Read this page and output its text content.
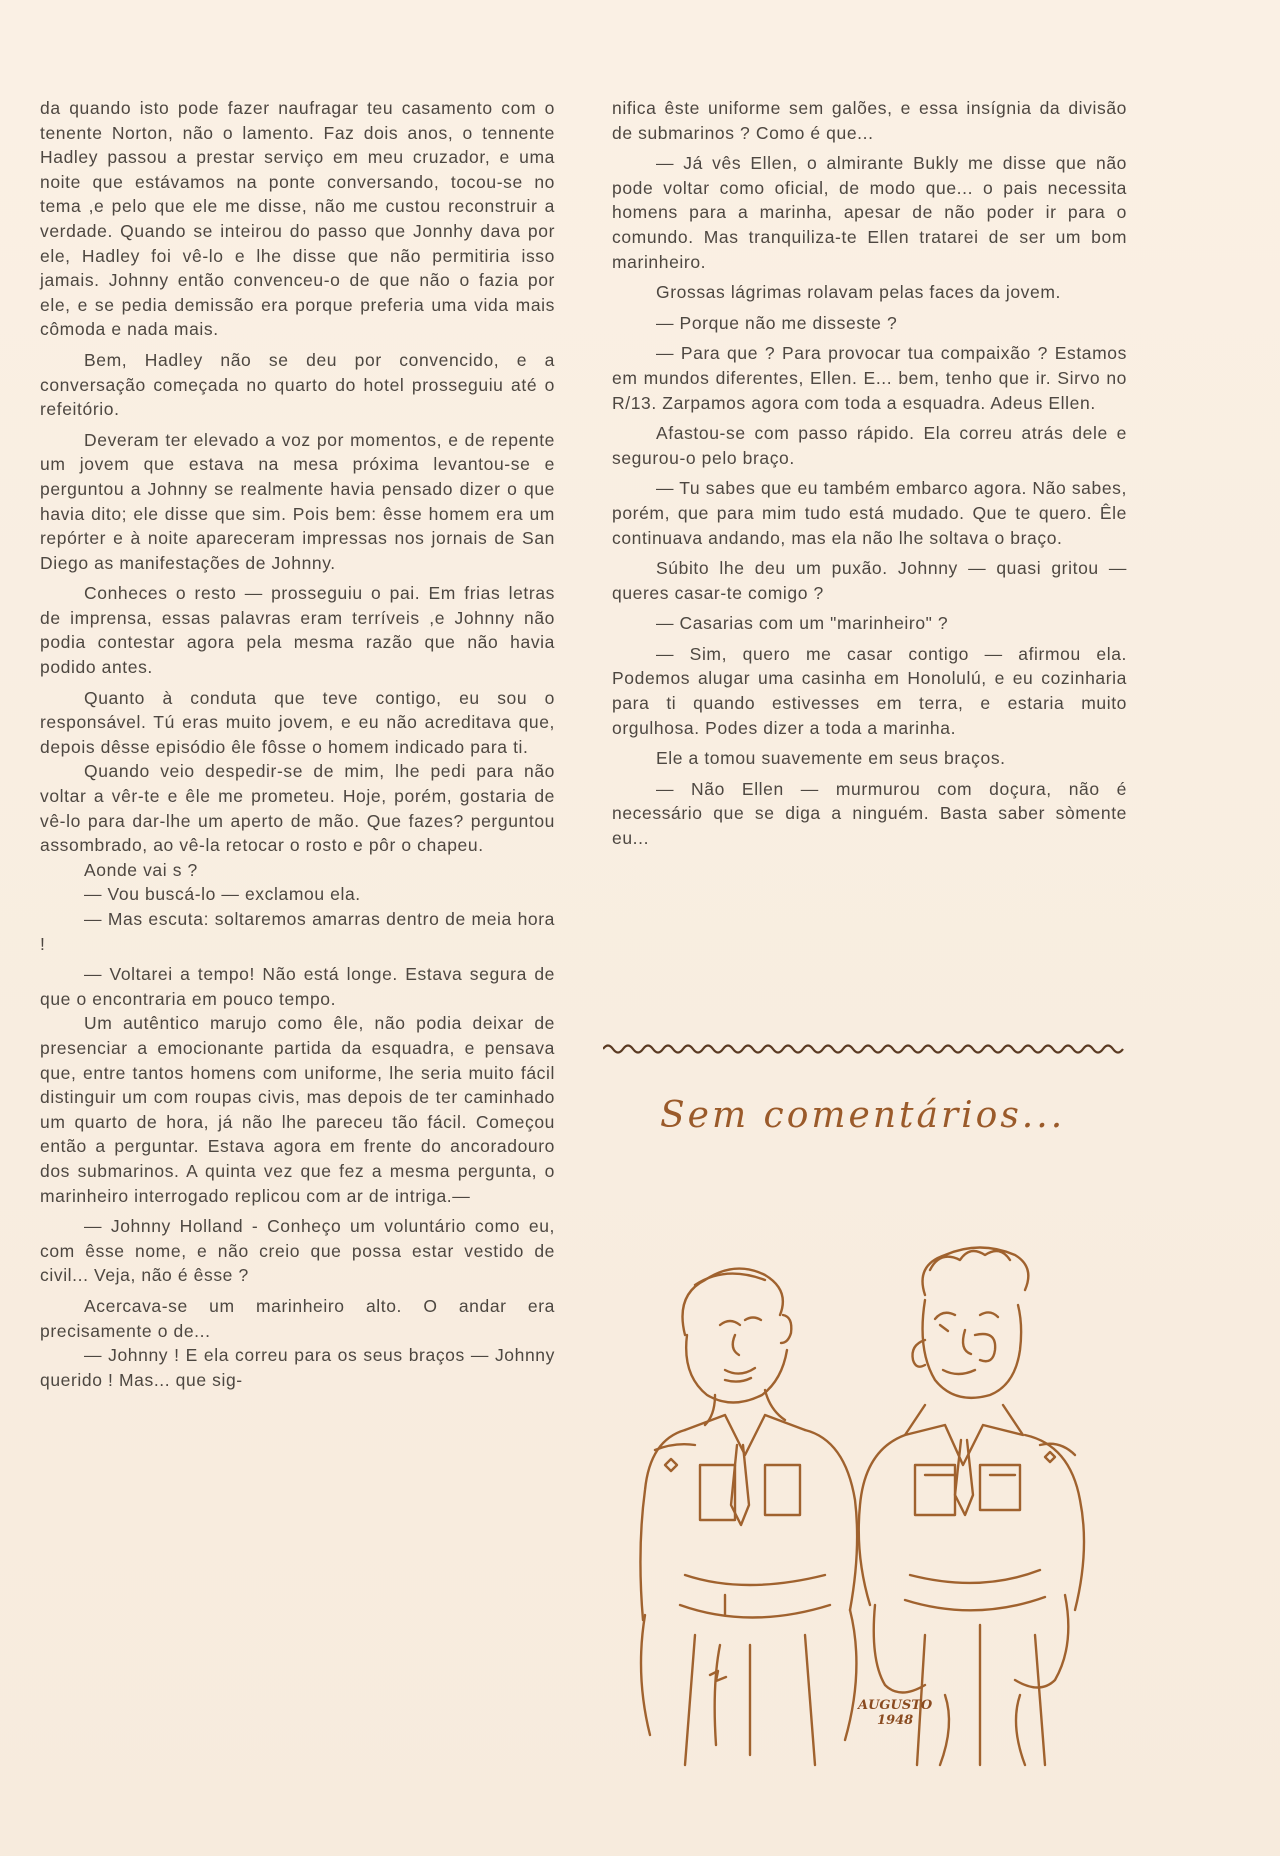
da quando isto pode fazer naufragar teu casamento com o tenente Norton, não o lamento. Faz dois anos, o tennente Hadley passou a prestar serviço em meu cruzador, e uma noite que estávamos na ponte conversando, tocou-se no tema ,e pelo que ele me disse, não me custou reconstruir a verdade. Quando se inteirou do passo que Jonnhy dava por ele, Hadley foi vê-lo e lhe disse que não permitiria isso jamais. Johnny então convenceu-o de que não o fazia por ele, e se pedia demissão era porque preferia uma vida mais cômoda e nada mais.

Bem, Hadley não se deu por convencido, e a conversação começada no quarto do hotel prosseguiu até o refeitório.

Deveram ter elevado a voz por momentos, e de repente um jovem que estava na mesa próxima levantou-se e perguntou a Johnny se realmente havia pensado dizer o que havia dito; ele disse que sim. Pois bem: êsse homem era um repórter e à noite apareceram impressas nos jornais de San Diego as manifestações de Johnny.

Conheces o resto — prosseguiu o pai. Em frias letras de imprensa, essas palavras eram terríveis ,e Johnny não podia contestar agora pela mesma razão que não havia podido antes.

Quanto à conduta que teve contigo, eu sou o responsável. Tú eras muito jovem, e eu não acreditava que, depois dêsse episódio êle fôsse o homem indicado para ti.

Quando veio despedir-se de mim, lhe pedi para não voltar a vêr-te e êle me prometeu. Hoje, porém, gostaria de vê-lo para dar-lhe um aperto de mão. Que fazes? perguntou assombrado, ao vê-la retocar o rosto e pôr o chapeu.

Aonde vai s ?

— Vou buscá-lo — exclamou ela.

— Mas escuta: soltaremos amarras dentro de meia hora !

— Voltarei a tempo! Não está longe. Estava segura de que o encontraria em pouco tempo.

Um autêntico marujo como êle, não podia deixar de presenciar a emocionante partida da esquadra, e pensava que, entre tantos homens com uniforme, lhe seria muito fácil distinguir um com roupas civis, mas depois de ter caminhado um quarto de hora, já não lhe pareceu tão fácil. Começou então a perguntar. Estava agora em frente do ancoradouro dos submarinos. A quinta vez que fez a mesma pergunta, o marinheiro interrogado replicou com ar de intriga.—

— Johnny Holland - Conheço um voluntário como eu, com êsse nome, e não creio que possa estar vestido de civil... Veja, não é êsse ?

Acercava-se um marinheiro alto. O andar era precisamente o de...

— Johnny ! E ela correu para os seus braços — Johnny querido ! Mas... que sig-

nifica êste uniforme sem galões, e essa insígnia da divisão de submarinos ? Como é que...

— Já vês Ellen, o almirante Bukly me disse que não pode voltar como oficial, de modo que... o pais necessita homens para a marinha, apesar de não poder ir para o comundo. Mas tranquiliza-te Ellen tratarei de ser um bom marinheiro.

Grossas lágrimas rolavam pelas faces da jovem.

— Porque não me disseste ?

— Para que ? Para provocar tua compaixão ? Estamos em mundos diferentes, Ellen. E... bem, tenho que ir. Sirvo no R/13. Zarpamos agora com toda a esquadra. Adeus Ellen.

Afastou-se com passo rápido. Ela correu atrás dele e segurou-o pelo braço.

— Tu sabes que eu também embarco agora. Não sabes, porém, que para mim tudo está mudado. Que te quero. Êle continuava andando, mas ela não lhe soltava o braço.

Súbito lhe deu um puxão. Johnny — quasi gritou — queres casar-te comigo ?

— Casarias com um "marinheiro" ?

— Sim, quero me casar contigo — afirmou ela. Podemos alugar uma casinha em Honolulú, e eu cozinharia para ti quando estivesses em terra, e estaria muito orgulhosa. Podes dizer a toda a marinha.

Ele a tomou suavemente em seus braços.

— Não Ellen — murmurou com doçura, não é necessário que se diga a ninguém. Basta saber sòmente eu...

Sem comentários...
AUGUSTO
1948
